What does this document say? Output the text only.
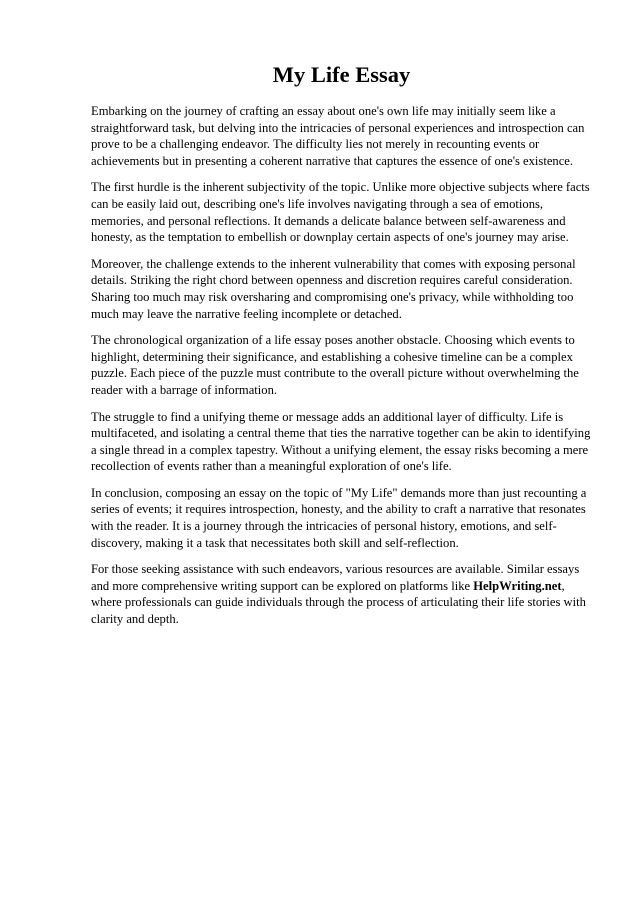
My Life Essay

Embarking on the journey of crafting an essay about one's own life may initially seem like a straightforward task, but delving into the intricacies of personal experiences and introspection can prove to be a challenging endeavor. The difficulty lies not merely in recounting events or achievements but in presenting a coherent narrative that captures the essence of one's existence.

The first hurdle is the inherent subjectivity of the topic. Unlike more objective subjects where facts can be easily laid out, describing one's life involves navigating through a sea of emotions, memories, and personal reflections. It demands a delicate balance between self-awareness and honesty, as the temptation to embellish or downplay certain aspects of one's journey may arise.

Moreover, the challenge extends to the inherent vulnerability that comes with exposing personal details. Striking the right chord between openness and discretion requires careful consideration. Sharing too much may risk oversharing and compromising one's privacy, while withholding too much may leave the narrative feeling incomplete or detached.

The chronological organization of a life essay poses another obstacle. Choosing which events to highlight, determining their significance, and establishing a cohesive timeline can be a complex puzzle. Each piece of the puzzle must contribute to the overall picture without overwhelming the reader with a barrage of information.

The struggle to find a unifying theme or message adds an additional layer of difficulty. Life is multifaceted, and isolating a central theme that ties the narrative together can be akin to identifying a single thread in a complex tapestry. Without a unifying element, the essay risks becoming a mere recollection of events rather than a meaningful exploration of one's life.

In conclusion, composing an essay on the topic of "My Life" demands more than just recounting a series of events; it requires introspection, honesty, and the ability to craft a narrative that resonates with the reader. It is a journey through the intricacies of personal history, emotions, and self-discovery, making it a task that necessitates both skill and self-reflection.

For those seeking assistance with such endeavors, various resources are available. Similar essays and more comprehensive writing support can be explored on platforms like HelpWriting.net, where professionals can guide individuals through the process of articulating their life stories with clarity and depth.
